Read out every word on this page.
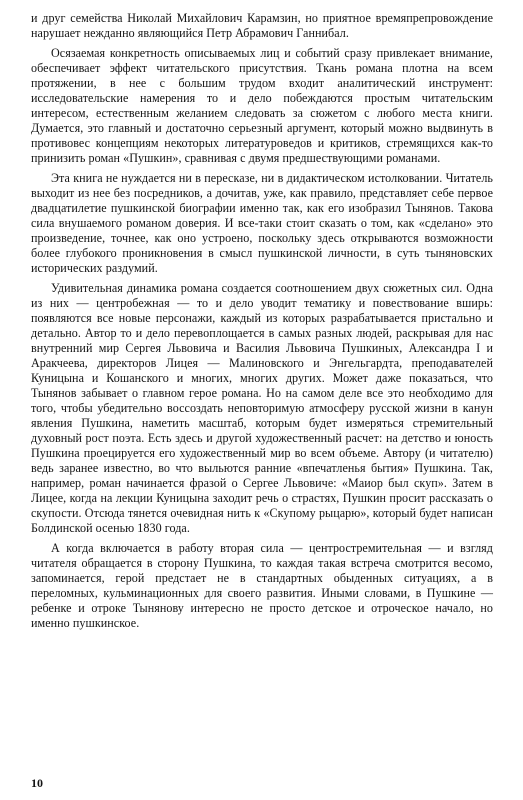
и друг семейства Николай Михайлович Карамзин, но приятное времяпрепровождение нарушает нежданно являющийся Петр Абрамович Ганнибал.

Осязаемая конкретность описываемых лиц и событий сразу привлекает внимание, обеспечивает эффект читательского присутствия. Ткань романа плотна на всем протяжении, в нее с большим трудом входит аналитический инструмент: исследовательские намерения то и дело побеждаются простым читательским интересом, естественным желанием следовать за сюжетом с любого места книги. Думается, это главный и достаточно серьезный аргумент, который можно выдвинуть в противовес концепциям некоторых литературоведов и критиков, стремящихся как-то принизить роман «Пушкин», сравнивая с двумя предшествующими романами.

Эта книга не нуждается ни в пересказе, ни в дидактическом истолковании. Читатель выходит из нее без посредников, а дочитав, уже, как правило, представляет себе первое двадцатилетие пушкинской биографии именно так, как его изобразил Тынянов. Такова сила внушаемого романом доверия. И все-таки стоит сказать о том, как «сделано» это произведение, точнее, как оно устроено, поскольку здесь открываются возможности более глубокого проникновения в смысл пушкинской личности, в суть тыняновских исторических раздумий.

Удивительная динамика романа создается соотношением двух сюжетных сил. Одна из них — центробежная — то и дело уводит тематику и повествование вширь: появляются все новые персонажи, каждый из которых разрабатывается пристально и детально. Автор то и дело перевоплощается в самых разных людей, раскрывая для нас внутренний мир Сергея Львовича и Василия Львовича Пушкиных, Александра I и Аракчеева, директоров Лицея — Малиновского и Энгельгардта, преподавателей Куницына и Кошанского и многих, многих других. Может даже показаться, что Тынянов забывает о главном герое романа. Но на самом деле все это необходимо для того, чтобы убедительно воссоздать неповторимую атмосферу русской жизни в канун явления Пушкина, наметить масштаб, которым будет измеряться стремительный духовный рост поэта. Есть здесь и другой художественный расчет: на детство и юность Пушкина проецируется его художественный мир во всем объеме. Автору (и читателю) ведь заранее известно, во что выльются ранние «впечатленья бытия» Пушкина. Так, например, роман начинается фразой о Сергее Львовиче: «Маиор был скуп». Затем в Лицее, когда на лекции Куницына заходит речь о страстях, Пушкин просит рассказать о скупости. Отсюда тянется очевидная нить к «Скупому рыцарю», который будет написан Болдинской осенью 1830 года.

А когда включается в работу вторая сила — центростремительная — и взгляд читателя обращается в сторону Пушкина, то каждая такая встреча смотрится весомо, запоминается, герой предстает не в стандартных обыденных ситуациях, а в переломных, кульминационных для своего развития. Иными словами, в Пушкине — ребенке и отроке Тынянову интересно не просто детское и отроческое начало, но именно пушкинское.

10
